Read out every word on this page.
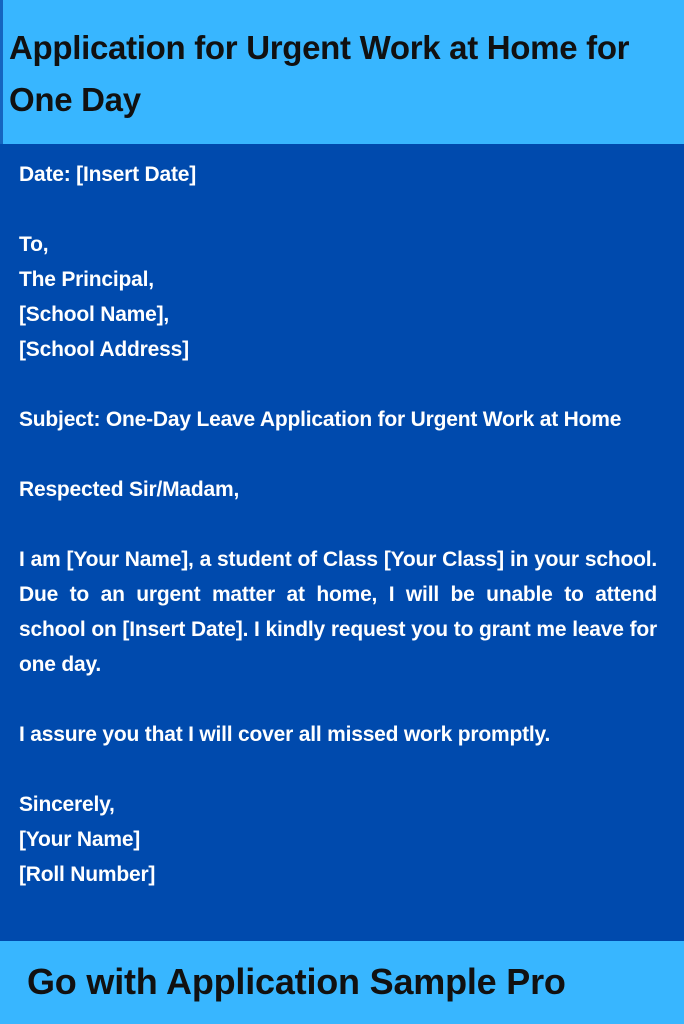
Application for Urgent Work at Home for One Day

Date: [Insert Date]

To,

The Principal,

[School Name],

[School Address]

Subject: One-Day Leave Application for Urgent Work at Home

Respected Sir/Madam,

I am [Your Name], a student of Class [Your Class] in your school. Due to an urgent matter at home, I will be unable to attend school on [Insert Date]. I kindly request you to grant me leave for one day.

I assure you that I will cover all missed work promptly.

Sincerely,

[Your Name]

[Roll Number]

Go with Application Sample Pro
